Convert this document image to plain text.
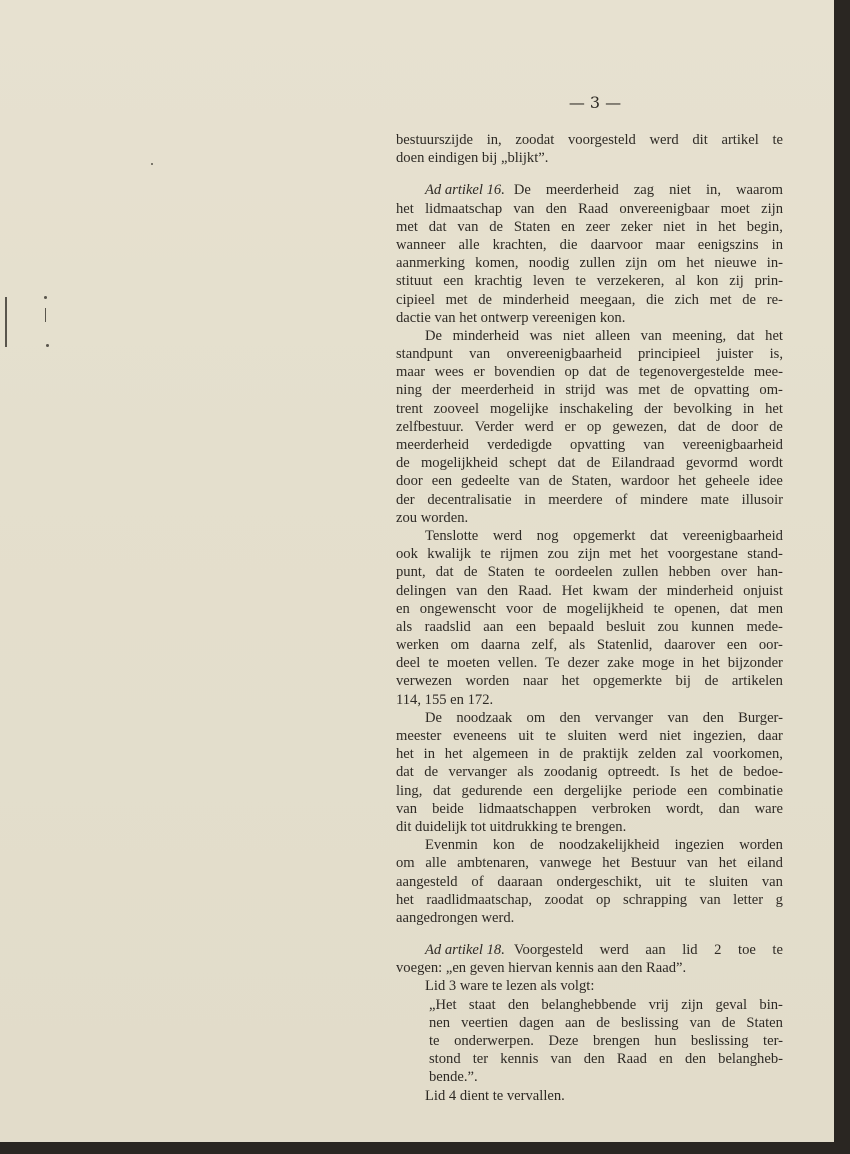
— 3 —
bestuurszijde in, zoodat voorgesteld werd dit artikel te
doen eindigen bij „blijkt”.
Ad artikel 16. De meerderheid zag niet in, waarom
het lidmaatschap van den Raad onvereenigbaar moet zijn
met dat van de Staten en zeer zeker niet in het begin,
wanneer alle krachten, die daarvoor maar eenigszins in
aanmerking komen, noodig zullen zijn om het nieuwe in-
stituut een krachtig leven te verzekeren, al kon zij prin-
cipieel met de minderheid meegaan, die zich met de re-
dactie van het ontwerp vereenigen kon.
De minderheid was niet alleen van meening, dat het
standpunt van onvereenigbaarheid principieel juister is,
maar wees er bovendien op dat de tegenovergestelde mee-
ning der meerderheid in strijd was met de opvatting om-
trent zooveel mogelijke inschakeling der bevolking in het
zelfbestuur. Verder werd er op gewezen, dat de door de
meerderheid verdedigde opvatting van vereenigbaarheid
de mogelijkheid schept dat de Eilandraad gevormd wordt
door een gedeelte van de Staten, wardoor het geheele idee
der decentralisatie in meerdere of mindere mate illusoir
zou worden.
Tenslotte werd nog opgemerkt dat vereenigbaarheid
ook kwalijk te rijmen zou zijn met het voorgestane stand-
punt, dat de Staten te oordeelen zullen hebben over han-
delingen van den Raad. Het kwam der minderheid onjuist
en ongewenscht voor de mogelijkheid te openen, dat men
als raadslid aan een bepaald besluit zou kunnen mede-
werken om daarna zelf, als Statenlid, daarover een oor-
deel te moeten vellen. Te dezer zake moge in het bijzonder
verwezen worden naar het opgemerkte bij de artikelen
114, 155 en 172.
De noodzaak om den vervanger van den Burger-
meester eveneens uit te sluiten werd niet ingezien, daar
het in het algemeen in de praktijk zelden zal voorkomen,
dat de vervanger als zoodanig optreedt. Is het de bedoe-
ling, dat gedurende een dergelijke periode een combinatie
van beide lidmaatschappen verbroken wordt, dan ware
dit duidelijk tot uitdrukking te brengen.
Evenmin kon de noodzakelijkheid ingezien worden
om alle ambtenaren, vanwege het Bestuur van het eiland
aangesteld of daaraan ondergeschikt, uit te sluiten van
het raadlidmaatschap, zoodat op schrapping van letter g
aangedrongen werd.
Ad artikel 18. Voorgesteld werd aan lid 2 toe te
voegen: „en geven hiervan kennis aan den Raad”.
Lid 3 ware te lezen als volgt:
„Het staat den belanghebbende vrij zijn geval bin-
nen veertien dagen aan de beslissing van de Staten
te onderwerpen. Deze brengen hun beslissing ter-
stond ter kennis van den Raad en den belangheb-
bende.”.
Lid 4 dient te vervallen.
